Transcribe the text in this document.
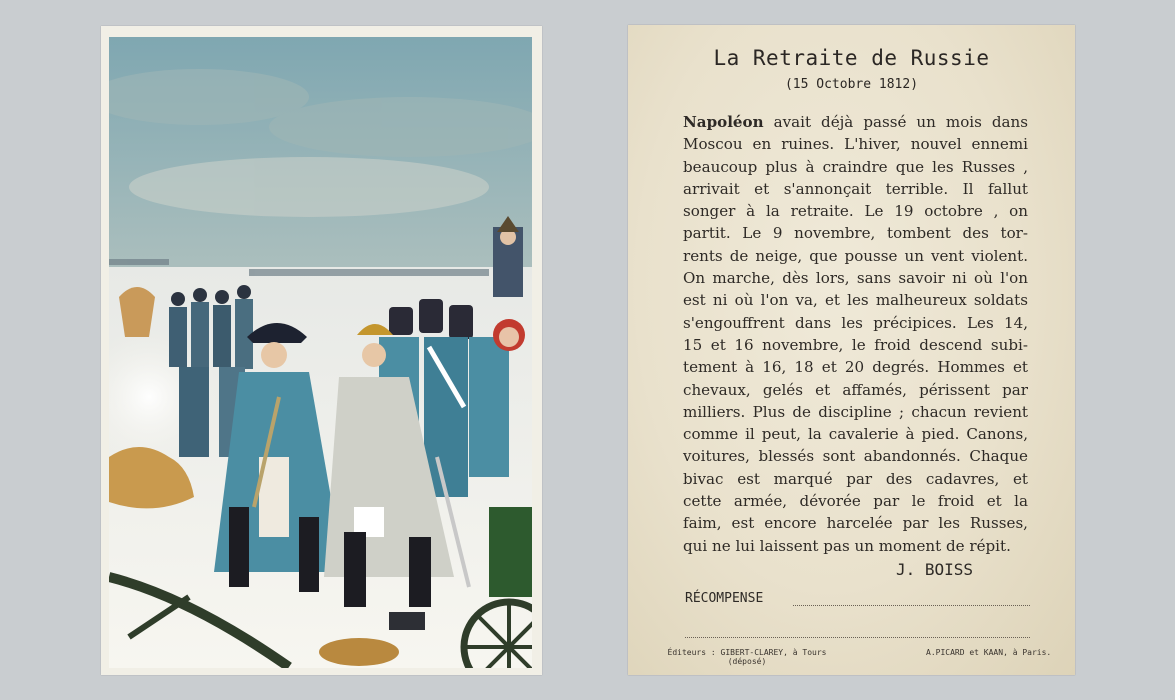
La Retraite de Russie
(15 Octobre 1812)
Napoléon avait déjà passé un mois dans
Moscou en ruines. L'hiver, nouvel ennemi
beaucoup plus à craindre que les Russes ,
arrivait et s'annonçait terrible. Il fallut
songer à la retraite. Le 19 octobre , on
partit. Le 9 novembre, tombent des tor-
rents de neige, que pousse un vent violent.
On marche, dès lors, sans savoir ni où l'on
est ni où l'on va, et les malheureux soldats
s'engouffrent dans les précipices. Les 14,
15 et 16 novembre, le froid descend subi-
tement à 16, 18 et 20 degrés. Hommes et
chevaux, gelés et affamés, périssent par
milliers. Plus de discipline ; chacun revient
comme il peut, la cavalerie à pied. Canons,
voitures, blessés sont abandonnés. Chaque
bivac est marqué par des cadavres, et
cette armée, dévorée par le froid et la
faim, est encore harcelée par les Russes,
qui ne lui laissent pas un moment de répit.
J. BOISS
RÉCOMPENSE
Éditeurs : GIBERT-CLAREY, à Tours
(déposé)
A.PICARD et KAAN, à Paris.
